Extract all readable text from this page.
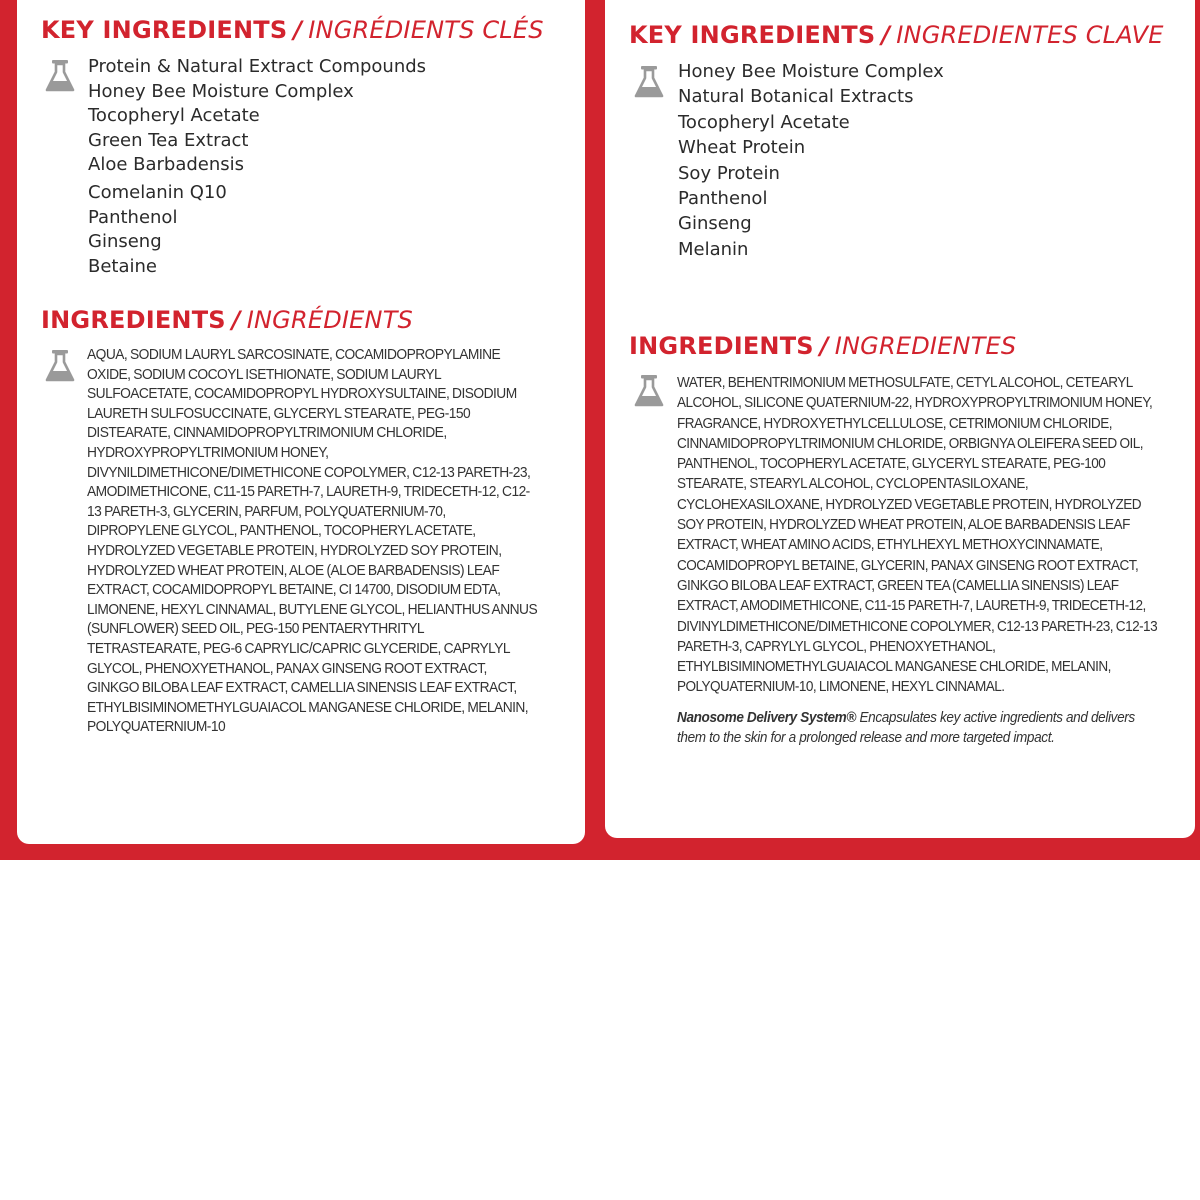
KEY INGREDIENTS / INGRÉDIENTS CLÉS
Protein & Natural Extract Compounds
Honey Bee Moisture Complex
Tocopheryl Acetate
Green Tea Extract
Aloe Barbadensis
Comelanin Q10
Panthenol
Ginseng
Betaine
INGREDIENTS / INGRÉDIENTS

AQUA, SODIUM LAURYL SARCOSINATE, COCAMIDOPROPYLAMINE OXIDE, SODIUM COCOYL ISETHIONATE, SODIUM LAURYL SULFOACETATE, COCAMIDOPROPYL HYDROXYSULTAINE, DISODIUM LAURETH SULFOSUCCINATE, GLYCERYL STEARATE, PEG-150 DISTEARATE, CINNAMIDOPROPYLTRIMONIUM CHLORIDE, HYDROXYPROPYLTRIMONIUM HONEY, DIVYNILDIMETHICONE/DIMETHICONE COPOLYMER, C12-13 PARETH-23, AMODIMETHICONE, C11-15 PARETH-7, LAURETH-9, TRIDECETH-12, C12-13 PARETH-3, GLYCERIN, PARFUM, POLYQUATERNIUM-70, DIPROPYLENE GLYCOL, PANTHENOL, TOCOPHERYL ACETATE, HYDROLYZED VEGETABLE PROTEIN, HYDROLYZED SOY PROTEIN, HYDROLYZED WHEAT PROTEIN, ALOE (ALOE BARBADENSIS) LEAF EXTRACT, COCAMIDOPROPYL BETAINE, CI 14700, DISODIUM EDTA, LIMONENE, HEXYL CINNAMAL, BUTYLENE GLYCOL, HELIANTHUS ANNUS (SUNFLOWER) SEED OIL, PEG-150 PENTAERYTHRITYL TETRASTEARATE, PEG-6 CAPRYLIC/CAPRIC GLYCERIDE, CAPRYLYL GLYCOL, PHENOXYETHANOL, PANAX GINSENG ROOT EXTRACT, GINKGO BILOBA LEAF EXTRACT, CAMELLIA SINENSIS LEAF EXTRACT, ETHYLBISIMINOMETHYLGUAIACOL MANGANESE CHLORIDE, MELANIN, POLYQUATERNIUM-10

KEY INGREDIENTS / INGREDIENTES CLAVE
Honey Bee Moisture Complex
Natural Botanical Extracts
Tocopheryl Acetate
Wheat Protein
Soy Protein
Panthenol
Ginseng
Melanin
INGREDIENTS / INGREDIENTES

WATER, BEHENTRIMONIUM METHOSULFATE, CETYL ALCOHOL, CETEARYL ALCOHOL, SILICONE QUATERNIUM-22, HYDROXYPROPYLTRIMONIUM HONEY, FRAGRANCE, HYDROXYETHYLCELLULOSE, CETRIMONIUM CHLORIDE, CINNAMIDOPROPYLTRIMONIUM CHLORIDE, ORBIGNYA OLEIFERA SEED OIL, PANTHENOL, TOCOPHERYL ACETATE, GLYCERYL STEARATE, PEG-100 STEARATE, STEARYL ALCOHOL, CYCLOPENTASILOXANE, CYCLOHEXASILOXANE, HYDROLYZED VEGETABLE PROTEIN, HYDROLYZED SOY PROTEIN, HYDROLYZED WHEAT PROTEIN, ALOE BARBADENSIS LEAF EXTRACT, WHEAT AMINO ACIDS, ETHYLHEXYL METHOXYCINNAMATE, COCAMIDOPROPYL BETAINE, GLYCERIN, PANAX GINSENG ROOT EXTRACT, GINKGO BILOBA LEAF EXTRACT, GREEN TEA (CAMELLIA SINENSIS) LEAF EXTRACT, AMODIMETHICONE, C11-15 PARETH-7, LAURETH-9, TRIDECETH-12, DIVINYLDIMETHICONE/DIMETHICONE COPOLYMER, C12-13 PARETH-23, C12-13 PARETH-3, CAPRYLYL GLYCOL, PHENOXYETHANOL, ETHYLBISIMINOMETHYLGUAIACOL MANGANESE CHLORIDE, MELANIN, POLYQUATERNIUM-10, LIMONENE, HEXYL CINNAMAL.

Nanosome Delivery System® Encapsulates key active ingredients and delivers them to the skin for a prolonged release and more targeted impact.
